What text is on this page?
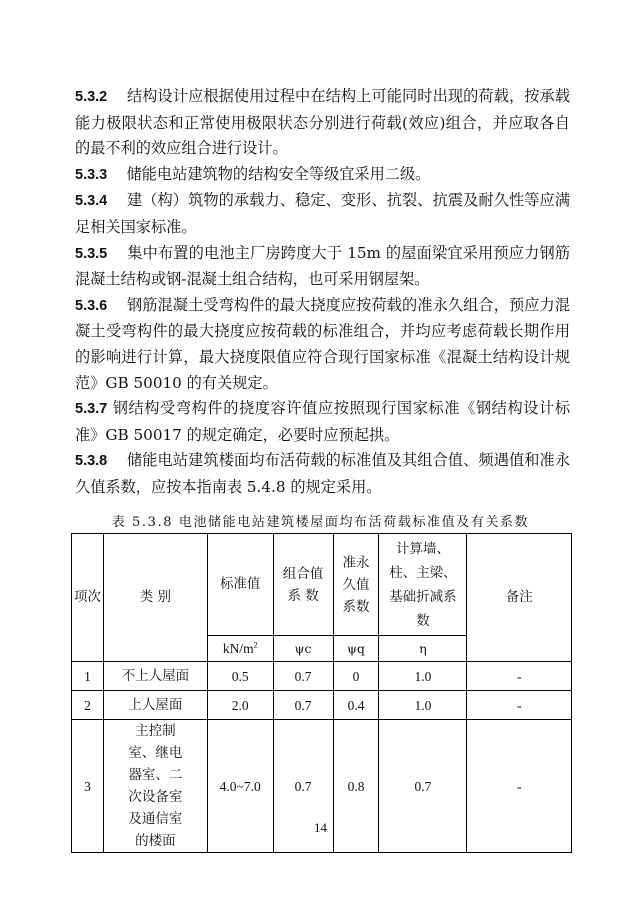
5.3.2 结构设计应根据使用过程中在结构上可能同时出现的荷载，按承载能力极限状态和正常使用极限状态分别进行荷载(效应)组合，并应取各自的最不利的效应组合进行设计。

5.3.3 储能电站建筑物的结构安全等级宜采用二级。

5.3.4 建（构）筑物的承载力、稳定、变形、抗裂、抗震及耐久性等应满足相关国家标准。

5.3.5 集中布置的电池主厂房跨度大于 15m 的屋面梁宜采用预应力钢筋混凝土结构或钢-混凝土组合结构，也可采用钢屋架。

5.3.6 钢筋混凝土受弯构件的最大挠度应按荷载的准永久组合，预应力混凝土受弯构件的最大挠度应按荷载的标准组合，并均应考虑荷载长期作用的影响进行计算，最大挠度限值应符合现行国家标准《混凝土结构设计规范》GB 50010 的有关规定。

5.3.7 钢结构受弯构件的挠度容许值应按照现行国家标准《钢结构设计标准》GB 50017 的规定确定，必要时应预起拱。

5.3.8 储能电站建筑楼面均布活荷载的标准值及其组合值、频遇值和准永久值系数，应按本指南表 5.4.8 的规定采用。

表 5.3.8 电池储能电站建筑楼屋面均布活荷载标准值及有关系数
项次	类 别	标准值	组合值系 数	准永久值系数	计算墙、柱、主梁、基础折减系数	备注
		$kN/m^2$	ψc	ψq	η	
1	不上人屋面	0.5	0.7	0	1.0	-
2	上人屋面	2.0	0.7	0.4	1.0	-
3	主控制室、继电器室、二次设备室及通信室的楼面	4.0~7.0	0.7	0.8	0.7	-
14
